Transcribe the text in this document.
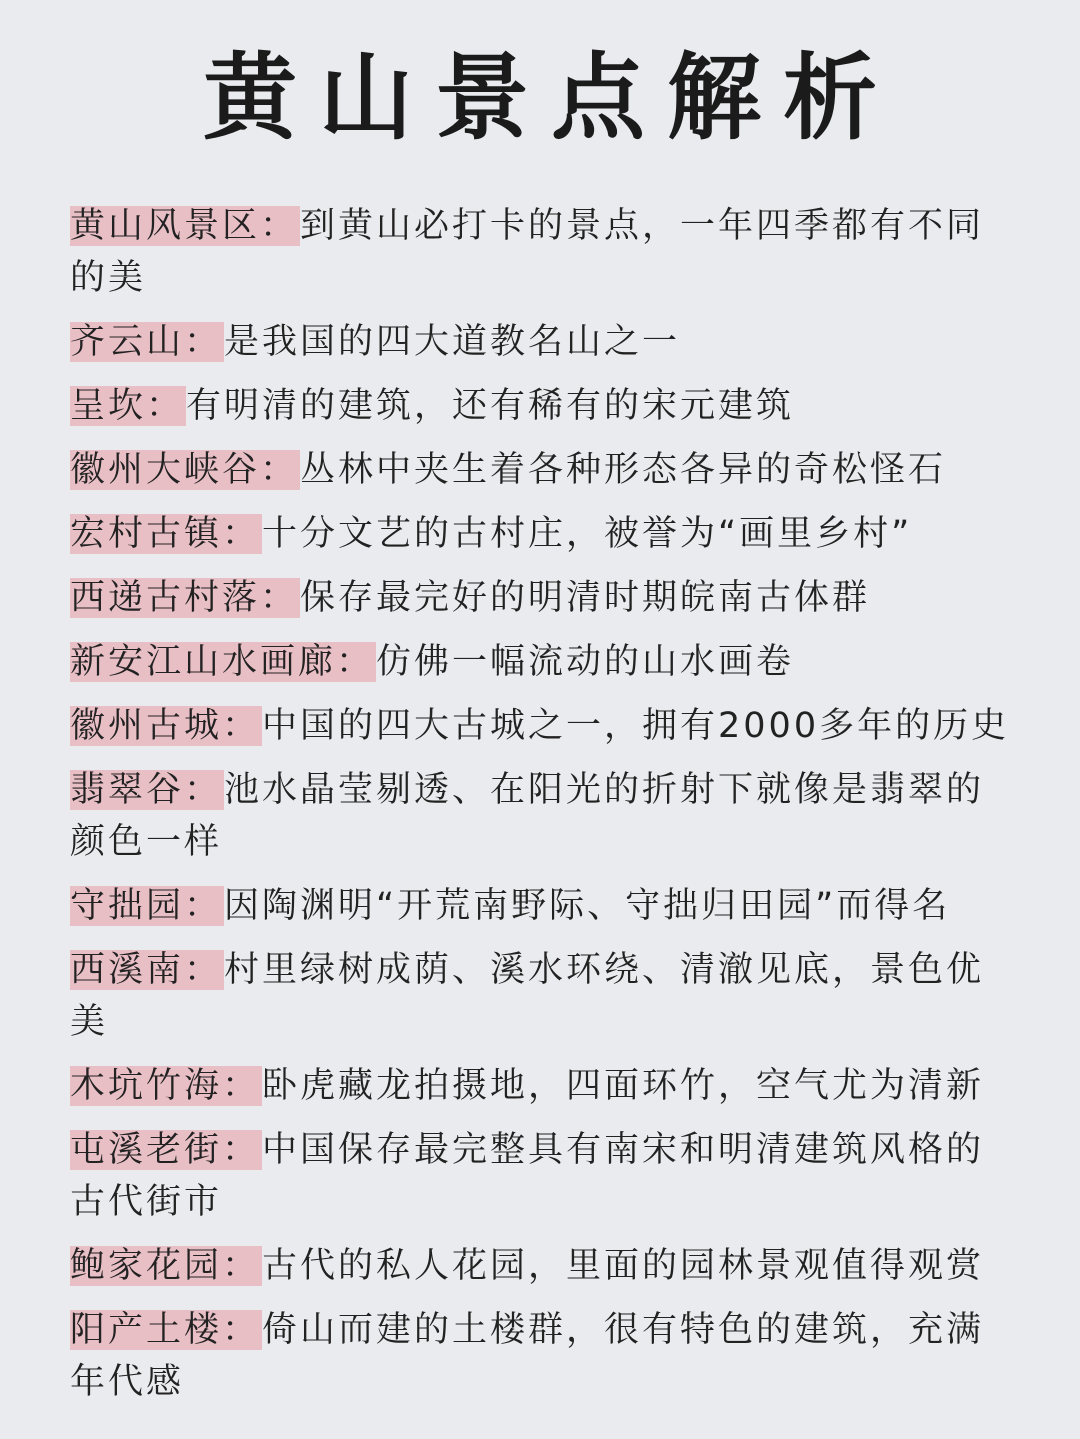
黄山景点解析
黄山风景区：到黄山必打卡的景点，一年四季都有不同的美
齐云山：是我国的四大道教名山之一
呈坎：有明清的建筑，还有稀有的宋元建筑
徽州大峡谷：丛林中夹生着各种形态各异的奇松怪石
宏村古镇：十分文艺的古村庄，被誉为“画里乡村”
西递古村落：保存最完好的明清时期皖南古体群
新安江山水画廊：仿佛一幅流动的山水画卷
徽州古城：中国的四大古城之一，拥有2000多年的历史
翡翠谷：池水晶莹剔透、在阳光的折射下就像是翡翠的颜色一样
守拙园：因陶渊明“开荒南野际、守拙归田园”而得名
西溪南：村里绿树成荫、溪水环绕、清澈见底，景色优美
木坑竹海：卧虎藏龙拍摄地，四面环竹，空气尤为清新
屯溪老街：中国保存最完整具有南宋和明清建筑风格的古代街市
鲍家花园：古代的私人花园，里面的园林景观值得观赏
阳产土楼：倚山而建的土楼群，很有特色的建筑，充满年代感
